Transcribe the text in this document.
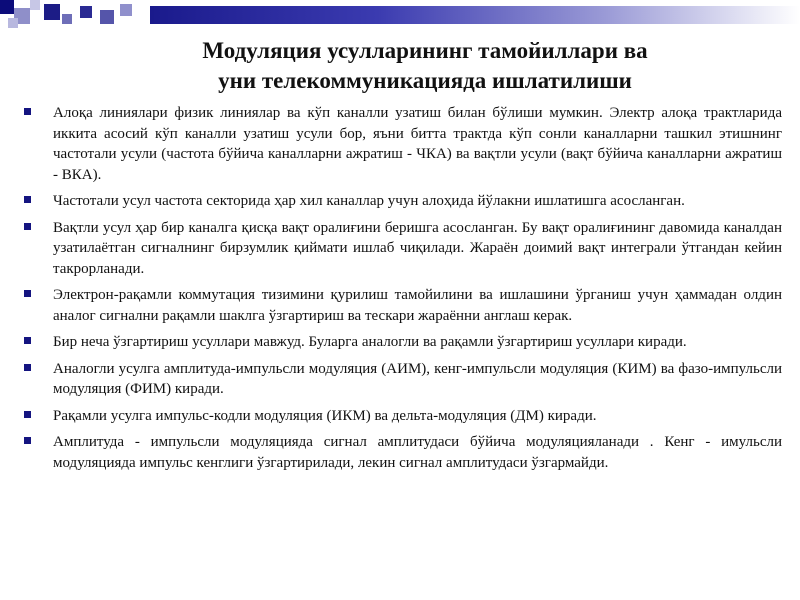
Модуляция усулларининг тамойиллари ва
уни телекоммуникацияда ишлатилиши
Алоқа линиялари физик линиялар ва кўп каналли узатиш билан бўлиши мумкин. Электр алоқа трактларида иккита асосий кўп каналли узатиш усули бор, яъни битта трактда кўп сонли каналларни ташкил этишнинг частотали усули (частота бўйича каналларни ажратиш - ЧКА) ва вақтли усули (вақт бўйича каналларни ажратиш - ВКА).
Частотали усул частота секторида ҳар хил каналлар учун алоҳида йўлакни ишлатишга асосланган.
Вақтли усул ҳар бир каналга қисқа вақт оралиғини беришга асосланган. Бу вақт оралиғининг давомида каналдан узатилаётган сигналнинг бирзумлик қиймати ишлаб чиқилади. Жараён доимий вақт интеграли ўтгандан кейин такрорланади.
Электрон-рақамли коммутация тизимини қурилиш тамойилини ва ишлашини ўрганиш учун ҳаммадан олдин аналог сигнални рақамли шаклга ўзгартириш ва тескари жараённи англаш керак.
Бир неча ўзгартириш усуллари мавжуд. Буларга аналогли ва рақамли ўзгартириш усуллари киради.
Аналогли усулга амплитуда-импульсли модуляция (АИМ), кенг-импульсли модуляция (КИМ) ва фазо-импульсли модуляция (ФИМ) киради.
Рақамли усулга импульс-кодли модуляция (ИКМ) ва дельта-модуляция (ДМ) киради.
Амплитуда - импульсли модуляцияда сигнал амплитудаси бўйича модуляцияланади . Кенг - имульсли модуляцияда импульс кенглиги ўзгартирилади, лекин сигнал амплитудаси ўзгармайди.
